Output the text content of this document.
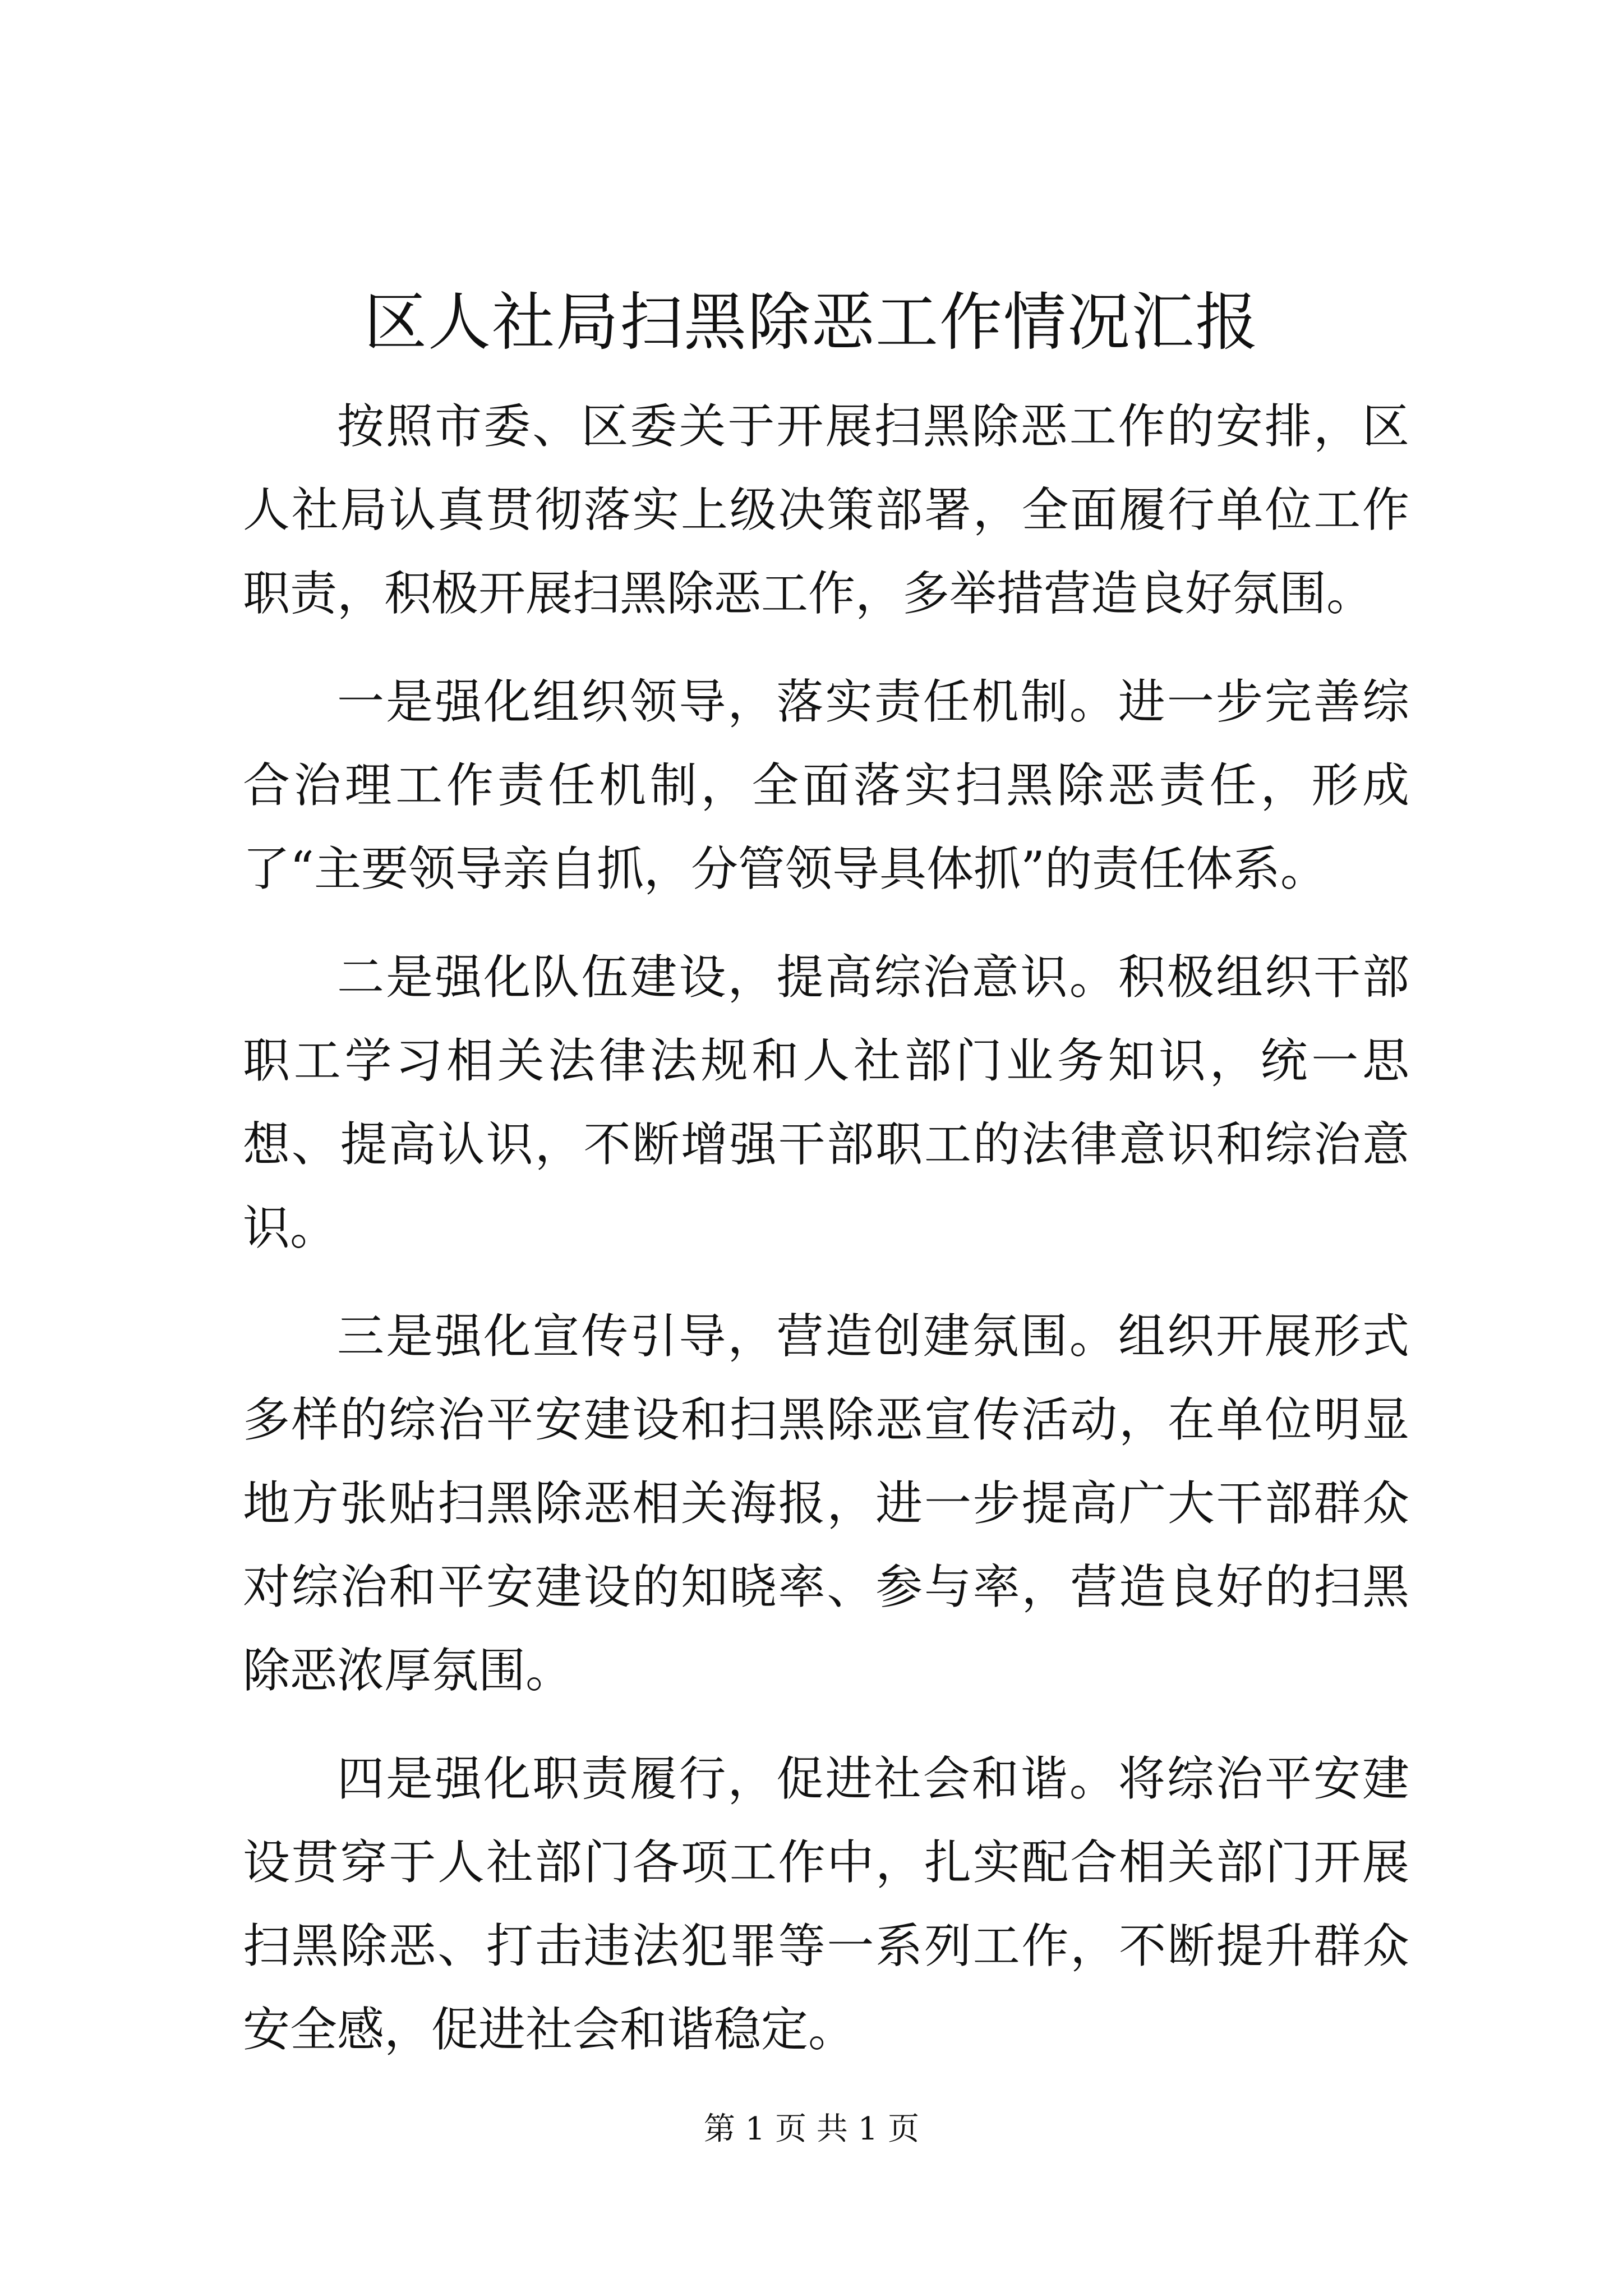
区人社局扫黑除恶工作情况汇报

按照市委、区委关于开展扫黑除恶工作的安排，区人社局认真贯彻落实上级决策部署，全面履行单位工作职责，积极开展扫黑除恶工作，多举措营造良好氛围。

一是强化组织领导，落实责任机制。进一步完善综合治理工作责任机制，全面落实扫黑除恶责任，形成了“主要领导亲自抓，分管领导具体抓”的责任体系。

二是强化队伍建设，提高综治意识。积极组织干部职工学习相关法律法规和人社部门业务知识，统一思想、提高认识，不断增强干部职工的法律意识和综治意识。

三是强化宣传引导，营造创建氛围。组织开展形式多样的综治平安建设和扫黑除恶宣传活动，在单位明显地方张贴扫黑除恶相关海报，进一步提高广大干部群众对综治和平安建设的知晓率、参与率，营造良好的扫黑除恶浓厚氛围。

四是强化职责履行，促进社会和谐。将综治平安建设贯穿于人社部门各项工作中，扎实配合相关部门开展扫黑除恶、打击违法犯罪等一系列工作，不断提升群众安全感，促进社会和谐稳定。

第 1 页 共 1 页
